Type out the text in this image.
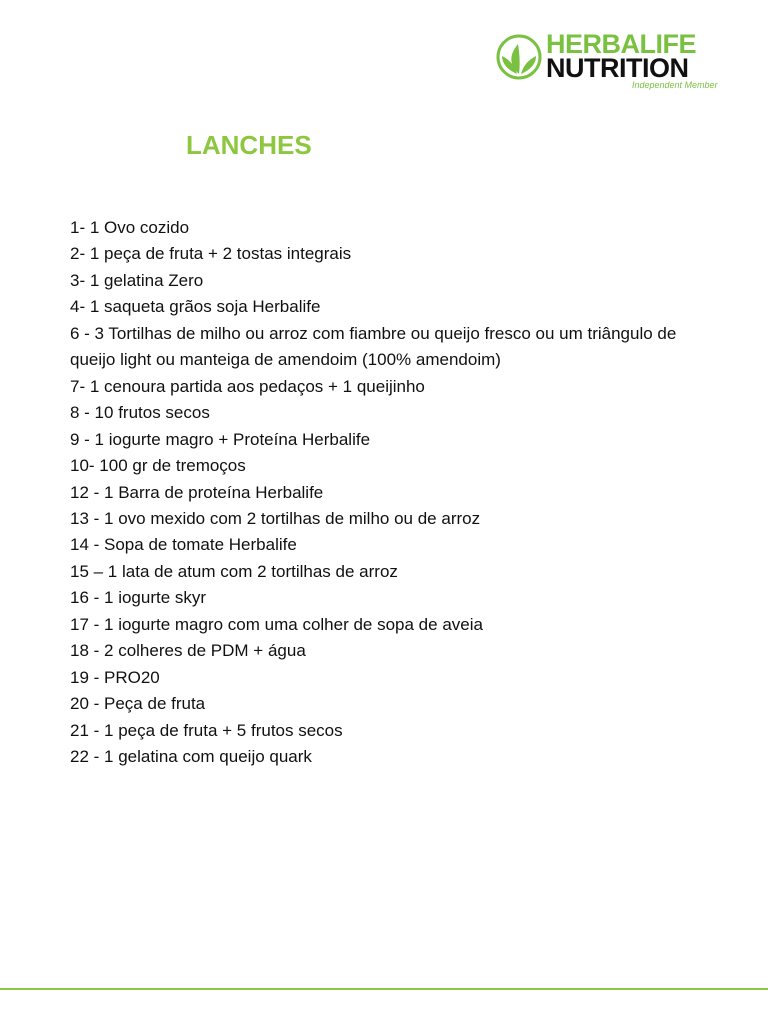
HERBALIFE
NUTRITION
Independent Member
LANCHES
1- 1 Ovo cozido
2- 1 peça de fruta + 2 tostas integrais
3- 1 gelatina Zero
4- 1 saqueta grãos soja Herbalife
6 - 3 Tortilhas de milho ou arroz com fiambre ou queijo fresco ou um triângulo de queijo light ou manteiga de amendoim (100% amendoim)
7- 1 cenoura partida aos pedaços + 1 queijinho
8 - 10 frutos secos
9 - 1 iogurte magro + Proteína Herbalife
10- 100 gr de tremoços
12 - 1 Barra de proteína Herbalife
13 - 1 ovo mexido com 2 tortilhas de milho ou de arroz
14 - Sopa de tomate Herbalife
15 – 1 lata de atum com 2 tortilhas de arroz
16 - 1 iogurte skyr
17 - 1 iogurte magro com uma colher de sopa de aveia
18 - 2 colheres de PDM + água
19 - PRO20
20 - Peça de fruta
21 - 1 peça de fruta + 5 frutos secos
22 - 1 gelatina com queijo quark
